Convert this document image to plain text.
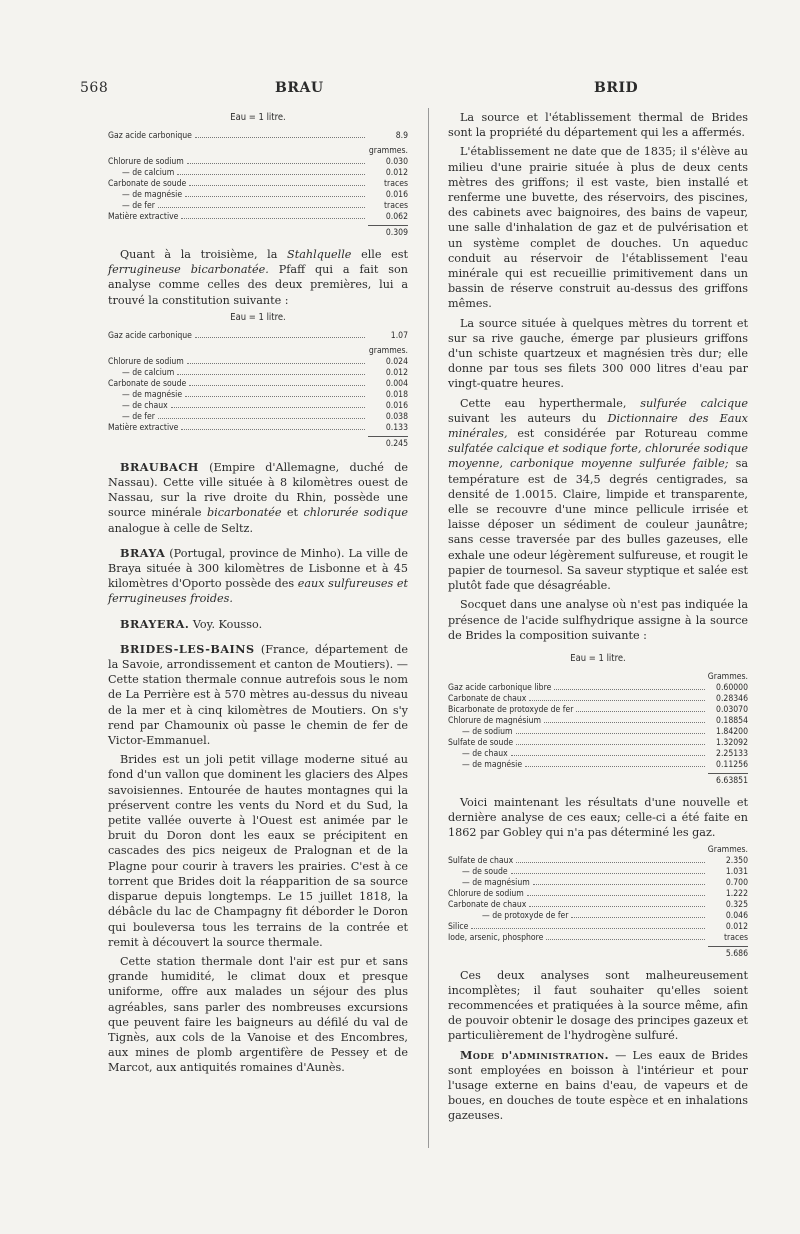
568	BRAU	BRID
Eau = 1 litre.
Gaz acide carbonique	8.9
grammes.
Chlorure de sodium	0.030
— de calcium	0.012
Carbonate de soude	traces
— de magnésie	0.016
— de fer	traces
Matière extractive	0.062
0.309

Quant à la troisième, la Stahlquelle elle est ferrugineuse bicarbonatée. Pfaff qui a fait son analyse comme celles des deux premières, lui a trouvé la constitution suivante :

Eau = 1 litre.
Gaz acide carbonique	1.07
grammes.
Chlorure de sodium	0.024
— de calcium	0.012
Carbonate de soude	0.004
— de magnésie	0.018
— de chaux	0.016
— de fer	0.038
Matière extractive	0.133
0.245

BRAUBACH (Empire d'Allemagne, duché de Nassau). Cette ville située à 8 kilomètres ouest de Nassau, sur la rive droite du Rhin, possède une source minérale bicarbonatée et chlorurée sodique analogue à celle de Seltz.

BRAYA (Portugal, province de Minho). La ville de Braya située à 300 kilomètres de Lisbonne et à 45 kilomètres d'Oporto possède des eaux sulfureuses et ferrugineuses froides.

BRAYERA. Voy. Kousso.

BRIDES-LES-BAINS (France, département de la Savoie, arrondissement et canton de Moutiers). — Cette station thermale connue autrefois sous le nom de La Perrière est à 570 mètres au-dessus du niveau de la mer et à cinq kilomètres de Moutiers. On s'y rend par Chamounix où passe le chemin de fer de Victor-Emmanuel.

Brides est un joli petit village moderne situé au fond d'un vallon que dominent les glaciers des Alpes savoisiennes. Entourée de hautes montagnes qui la préservent contre les vents du Nord et du Sud, la petite vallée ouverte à l'Ouest est animée par le bruit du Doron dont les eaux se précipitent en cascades des pics neigeux de Pralognan et de la Plagne pour courir à travers les prairies. C'est à ce torrent que Brides doit la réapparition de sa source disparue depuis longtemps. Le 15 juillet 1818, la débâcle du lac de Champagny fit déborder le Doron qui bouleversa tous les terrains de la contrée et remit à découvert la source thermale.

Cette station thermale dont l'air est pur et sans grande humidité, le climat doux et presque uniforme, offre aux malades un séjour des plus agréables, sans parler des nombreuses excursions que peuvent faire les baigneurs au défilé du val de Tignès, aux cols de la Vanoise et des Encombres, aux mines de plomb argentifère de Pessey et de Marcot, aux antiquités romaines d'Aunès.

La source et l'établissement thermal de Brides sont la propriété du département qui les a affermés.

L'établissement ne date que de 1835; il s'élève au milieu d'une prairie située à plus de deux cents mètres des griffons; il est vaste, bien installé et renferme une buvette, des réservoirs, des piscines, des cabinets avec baignoires, des bains de vapeur, une salle d'inhalation de gaz et de pulvérisation et un système complet de douches. Un aqueduc conduit au réservoir de l'établissement l'eau minérale qui est recueillie primitivement dans un bassin de réserve construit au-dessus des griffons mêmes.

La source située à quelques mètres du torrent et sur sa rive gauche, émerge par plusieurs griffons d'un schiste quartzeux et magnésien très dur; elle donne par tous ses filets 300 000 litres d'eau par vingt-quatre heures.

Cette eau hyperthermale, sulfurée calcique suivant les auteurs du Dictionnaire des Eaux minérales, est considérée par Rotureau comme sulfatée calcique et sodique forte, chlorurée sodique moyenne, carbonique moyenne sulfurée faible; sa température est de 34,5 degrés centigrades, sa densité de 1.0015. Claire, limpide et transparente, elle se recouvre d'une mince pellicule irrisée et laisse déposer un sédiment de couleur jaunâtre; sans cesse traversée par des bulles gazeuses, elle exhale une odeur légèrement sulfureuse, et rougit le papier de tournesol. Sa saveur styptique et salée est plutôt fade que désagréable.

Socquet dans une analyse où n'est pas indiquée la présence de l'acide sulfhydrique assigne à la source de Brides la composition suivante :

Eau = 1 litre.
Grammes.
Gaz acide carbonique libre	0.60000
Carbonate de chaux	0.28346
Bicarbonate de protoxyde de fer	0.03070
Chlorure de magnésium	0.18854
— de sodium	1.84200
Sulfate de soude	1.32092
— de chaux	2.25133
— de magnésie	0.11256
6.63851

Voici maintenant les résultats d'une nouvelle et dernière analyse de ces eaux; celle-ci a été faite en 1862 par Gobley qui n'a pas déterminé les gaz.

Grammes.
Sulfate de chaux	2.350
— de soude	1.031
— de magnésium	0.700
Chlorure de sodium	1.222
Carbonate de chaux	0.325
— de protoxyde de fer	0.046
Silice	0.012
Iode, arsenic, phosphore	traces
5.686

Ces deux analyses sont malheureusement incomplètes; il faut souhaiter qu'elles soient recommencées et pratiquées à la source même, afin de pouvoir obtenir le dosage des principes gazeux et particulièrement de l'hydrogène sulfuré.

Mode d'administration. — Les eaux de Brides sont employées en boisson à l'intérieur et pour l'usage externe en bains d'eau, de vapeurs et de boues, en douches de toute espèce et en inhalations gazeuses.
